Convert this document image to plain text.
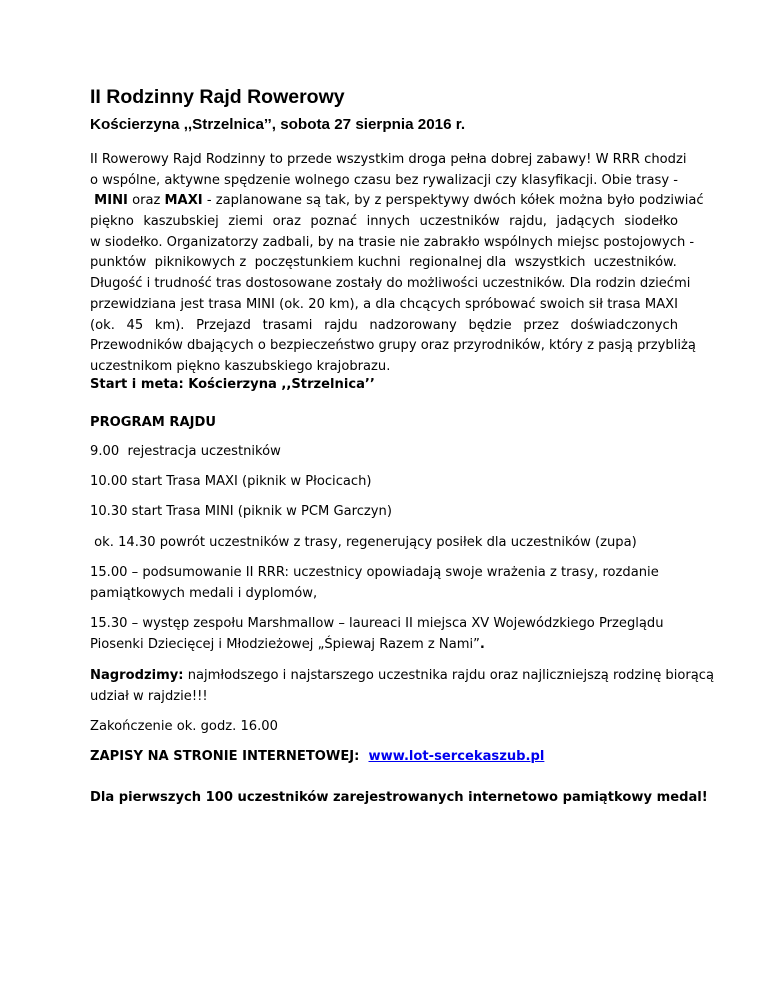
II Rodzinny Rajd Rowerowy
Kościerzyna ,,Strzelnica’’, sobota 27 sierpnia 2016 r.
II Rowerowy Rajd Rodzinny to przede wszystkim droga pełna dobrej zabawy! W RRR chodzi
o wspólne, aktywne spędzenie wolnego czasu bez rywalizacji czy klasyfikacji. Obie trasy -
MINI oraz MAXI - zaplanowane są tak, by z perspektywy dwóch kółek można było podziwiać
piękno kaszubskiej ziemi oraz poznać innych uczestników rajdu, jadących siodełko
w siodełko. Organizatorzy zadbali, by na trasie nie zabrakło wspólnych miejsc postojowych -
punktów  piknikowych z  poczęstunkiem kuchni  regionalnej dla  wszystkich  uczestników.
Długość i trudność tras dostosowane zostały do możliwości uczestników. Dla rodzin dziećmi
przewidziana jest trasa MINI (ok. 20 km), a dla chcących spróbować swoich sił trasa MAXI
(ok. 45 km). Przejazd trasami rajdu nadzorowany będzie przez doświadczonych
Przewodników dbających o bezpieczeństwo grupy oraz przyrodników, który z pasją przybliżą
uczestnikom piękno kaszubskiego krajobrazu.

Start i meta: Kościerzyna ,,Strzelnica’’

PROGRAM RAJDU

9.00  rejestracja uczestników

10.00 start Trasa MAXI (piknik w Płocicach)

10.30 start Trasa MINI (piknik w PCM Garczyn)

ok. 14.30 powrót uczestników z trasy, regenerujący posiłek dla uczestników (zupa)

15.00 – podsumowanie II RRR: uczestnicy opowiadają swoje wrażenia z trasy, rozdanie
pamiątkowych medali i dyplomów,
15.30 – występ zespołu Marshmallow – laureaci II miejsca XV Wojewódzkiego Przeglądu
Piosenki Dziecięcej i Młodzieżowej „Śpiewaj Razem z Nami”.
Nagrodzimy: najmłodszego i najstarszego uczestnika rajdu oraz najliczniejszą rodzinę biorącą
udział w rajdzie!!!

Zakończenie ok. godz. 16.00

ZAPISY NA STRONIE INTERNETOWEJ:  www.lot-sercekaszub.pl

Dla pierwszych 100 uczestników zarejestrowanych internetowo pamiątkowy medal!
